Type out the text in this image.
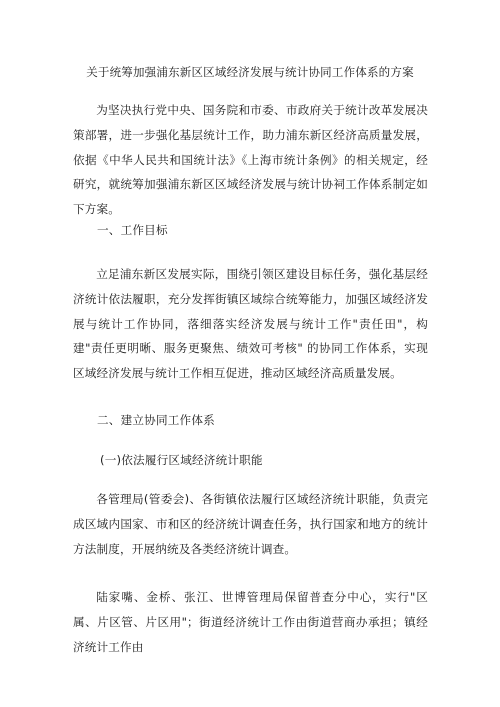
关于统筹加强浦东新区区域经济发展与统计协同工作体系的方案

为坚决执行党中央、国务院和市委、市政府关于统计改革发展决策部署，进一步强化基层统计工作，助力浦东新区经济高质量发展，依据《中华人民共和国统计法》《上海市统计条例》的相关规定，经研究，就统筹加强浦东新区区域经济发展与统计协祠工作体系制定如下方案。

一、工作目标

立足浦东新区发展实际，围绕引领区建设目标任务，强化基层经济统计依法履职，充分发挥街镇区域综合统筹能力，加强区域经济发展与统计工作协同，落细落实经济发展与统计工作"责任田"，构建"责任更明晰、服务更聚焦、绩效可考核" 的协同工作体系，实现区域经济发展与统计工作相互促进，推动区域经济高质量发展。

二、建立协同工作体系

(一)依法履行区域经济统计职能

各管理局(管委会)、各街镇依法履行区域经济统计职能，负责完成区域内国家、市和区的经济统计调查任务，执行国家和地方的统计方法制度，开展纳统及各类经济统计调查。

陆家嘴、金桥、张江、世博管理局保留普查分中心，实行"区属、片区管、片区用"；街道经济统计工作由街道营商办承担；镇经济统计工作由
